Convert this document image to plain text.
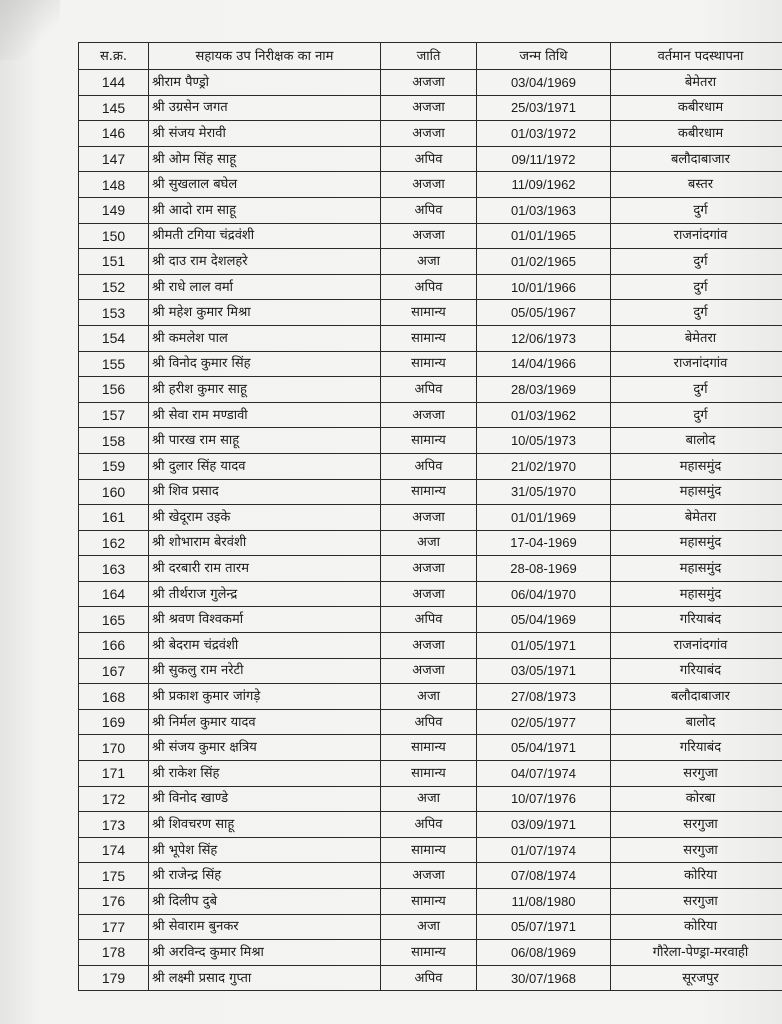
स.क्र.	सहायक उप निरीक्षक का नाम	जाति	जन्म तिथि	वर्तमान पदस्थापना
144	श्रीराम पैण्ड्रो	अजजा	03/04/1969	बेमेतरा
145	श्री उग्रसेन जगत	अजजा	25/03/1971	कबीरधाम
146	श्री संजय मेरावी	अजजा	01/03/1972	कबीरधाम
147	श्री ओम सिंह साहू	अपिव	09/11/1972	बलौदाबाजार
148	श्री सुखलाल बघेल	अजजा	11/09/1962	बस्तर
149	श्री आदो राम साहू	अपिव	01/03/1963	दुर्ग
150	श्रीमती टगिया चंद्रवंशी	अजजा	01/01/1965	राजनांदगांव
151	श्री दाउ राम देशलहरे	अजा	01/02/1965	दुर्ग
152	श्री राधे लाल वर्मा	अपिव	10/01/1966	दुर्ग
153	श्री महेश कुमार मिश्रा	सामान्य	05/05/1967	दुर्ग
154	श्री कमलेश पाल	सामान्य	12/06/1973	बेमेतरा
155	श्री विनोद कुमार सिंह	सामान्य	14/04/1966	राजनांदगांव
156	श्री हरीश कुमार साहू	अपिव	28/03/1969	दुर्ग
157	श्री सेवा राम मण्डावी	अजजा	01/03/1962	दुर्ग
158	श्री पारख राम साहू	सामान्य	10/05/1973	बालोद
159	श्री दुलार सिंह यादव	अपिव	21/02/1970	महासमुंद
160	श्री शिव प्रसाद	सामान्य	31/05/1970	महासमुंद
161	श्री खेदूराम उइके	अजजा	01/01/1969	बेमेतरा
162	श्री शोभाराम बेरवंशी	अजा	17-04-1969	महासमुंद
163	श्री दरबारी राम तारम	अजजा	28-08-1969	महासमुंद
164	श्री तीर्थराज गुलेन्द्र	अजजा	06/04/1970	महासमुंद
165	श्री श्रवण विश्वकर्मा	अपिव	05/04/1969	गरियाबंद
166	श्री बेदराम चंद्रवंशी	अजजा	01/05/1971	राजनांदगांव
167	श्री सुकलु राम नरेटी	अजजा	03/05/1971	गरियाबंद
168	श्री प्रकाश कुमार जांगड़े	अजा	27/08/1973	बलौदाबाजार
169	श्री निर्मल कुमार यादव	अपिव	02/05/1977	बालोद
170	श्री संजय कुमार क्षत्रिय	सामान्य	05/04/1971	गरियाबंद
171	श्री राकेश सिंह	सामान्य	04/07/1974	सरगुजा
172	श्री विनोद खाण्डे	अजा	10/07/1976	कोरबा
173	श्री शिवचरण साहू	अपिव	03/09/1971	सरगुजा
174	श्री भूपेश सिंह	सामान्य	01/07/1974	सरगुजा
175	श्री राजेन्द्र सिंह	अजजा	07/08/1974	कोरिया
176	श्री दिलीप दुबे	सामान्य	11/08/1980	सरगुजा
177	श्री सेवाराम बुनकर	अजा	05/07/1971	कोरिया
178	श्री अरविन्द कुमार मिश्रा	सामान्य	06/08/1969	गौरेला-पेण्ड्रा-मरवाही
179	श्री लक्ष्मी प्रसाद गुप्ता	अपिव	30/07/1968	सूरजपुर
